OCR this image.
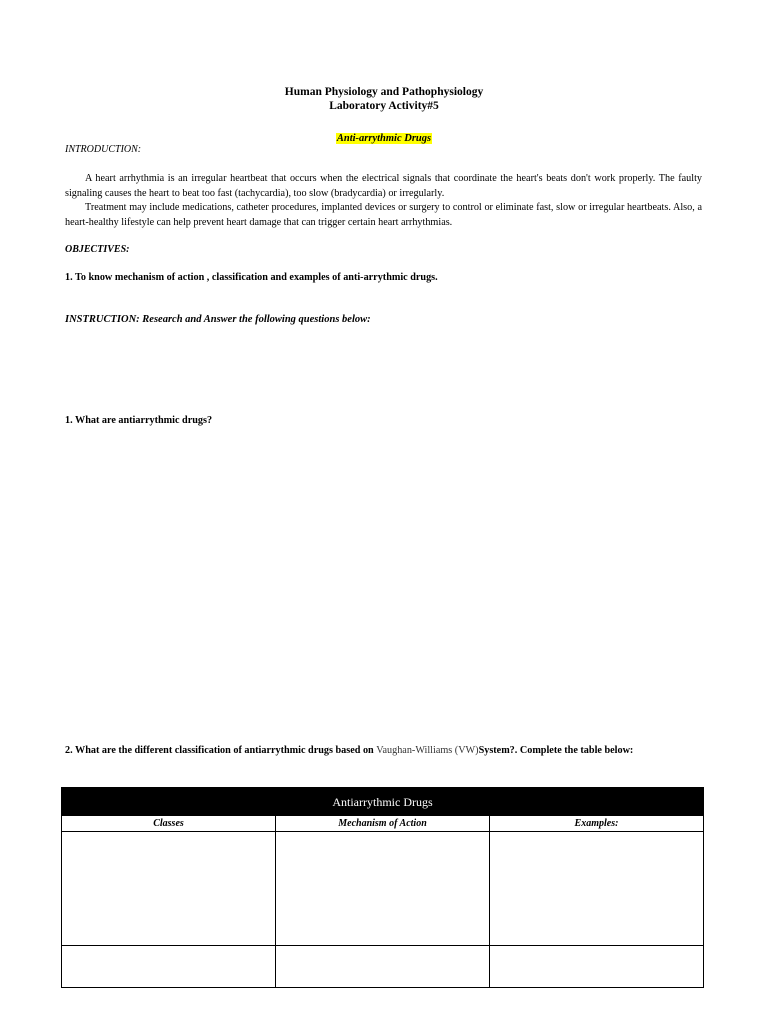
Human Physiology and Pathophysiology
Laboratory Activity#5
Anti-arrythmic Drugs
INTRODUCTION:
A heart arrhythmia is an irregular heartbeat that occurs when the electrical signals that coordinate the heart's beats don't work properly. The faulty signaling causes the heart to beat too fast (tachycardia), too slow (bradycardia) or irregularly.
Treatment may include medications, catheter procedures, implanted devices or surgery to control or eliminate fast, slow or irregular heartbeats. Also, a heart-healthy lifestyle can help prevent heart damage that can trigger certain heart arrhythmias.
OBJECTIVES:
1. To know mechanism of action , classification and examples of anti-arrythmic drugs.
INSTRUCTION: Research and Answer the following questions below:
1. What are antiarrythmic drugs?
2. What are the different classification of antiarrythmic drugs based on Vaughan-Williams (VW)System?. Complete the table below:
Antiarrythmic Drugs
Classes	Mechanism of Action	Examples:
